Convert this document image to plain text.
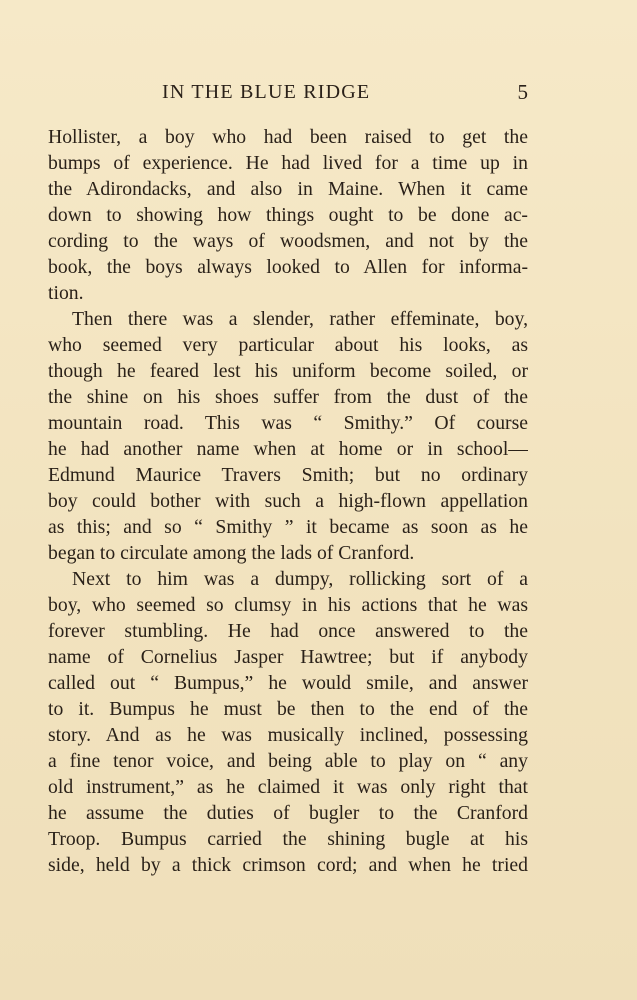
IN THE BLUE RIDGE	5
Hollister, a boy who had been raised to get the
bumps of experience. He had lived for a time up in
the Adirondacks, and also in Maine. When it came
down to showing how things ought to be done ac-
cording to the ways of woodsmen, and not by the
book, the boys always looked to Allen for informa-
tion.
Then there was a slender, rather effeminate, boy,
who seemed very particular about his looks, as
though he feared lest his uniform become soiled, or
the shine on his shoes suffer from the dust of the
mountain road. This was “ Smithy.” Of course
he had another name when at home or in school—
Edmund Maurice Travers Smith; but no ordinary
boy could bother with such a high-flown appellation
as this; and so “ Smithy ” it became as soon as he
began to circulate among the lads of Cranford.
Next to him was a dumpy, rollicking sort of a
boy, who seemed so clumsy in his actions that he was
forever stumbling. He had once answered to the
name of Cornelius Jasper Hawtree; but if anybody
called out “ Bumpus,” he would smile, and answer
to it. Bumpus he must be then to the end of the
story. And as he was musically inclined, possessing
a fine tenor voice, and being able to play on “ any
old instrument,” as he claimed it was only right that
he assume the duties of bugler to the Cranford
Troop. Bumpus carried the shining bugle at his
side, held by a thick crimson cord; and when he tried
